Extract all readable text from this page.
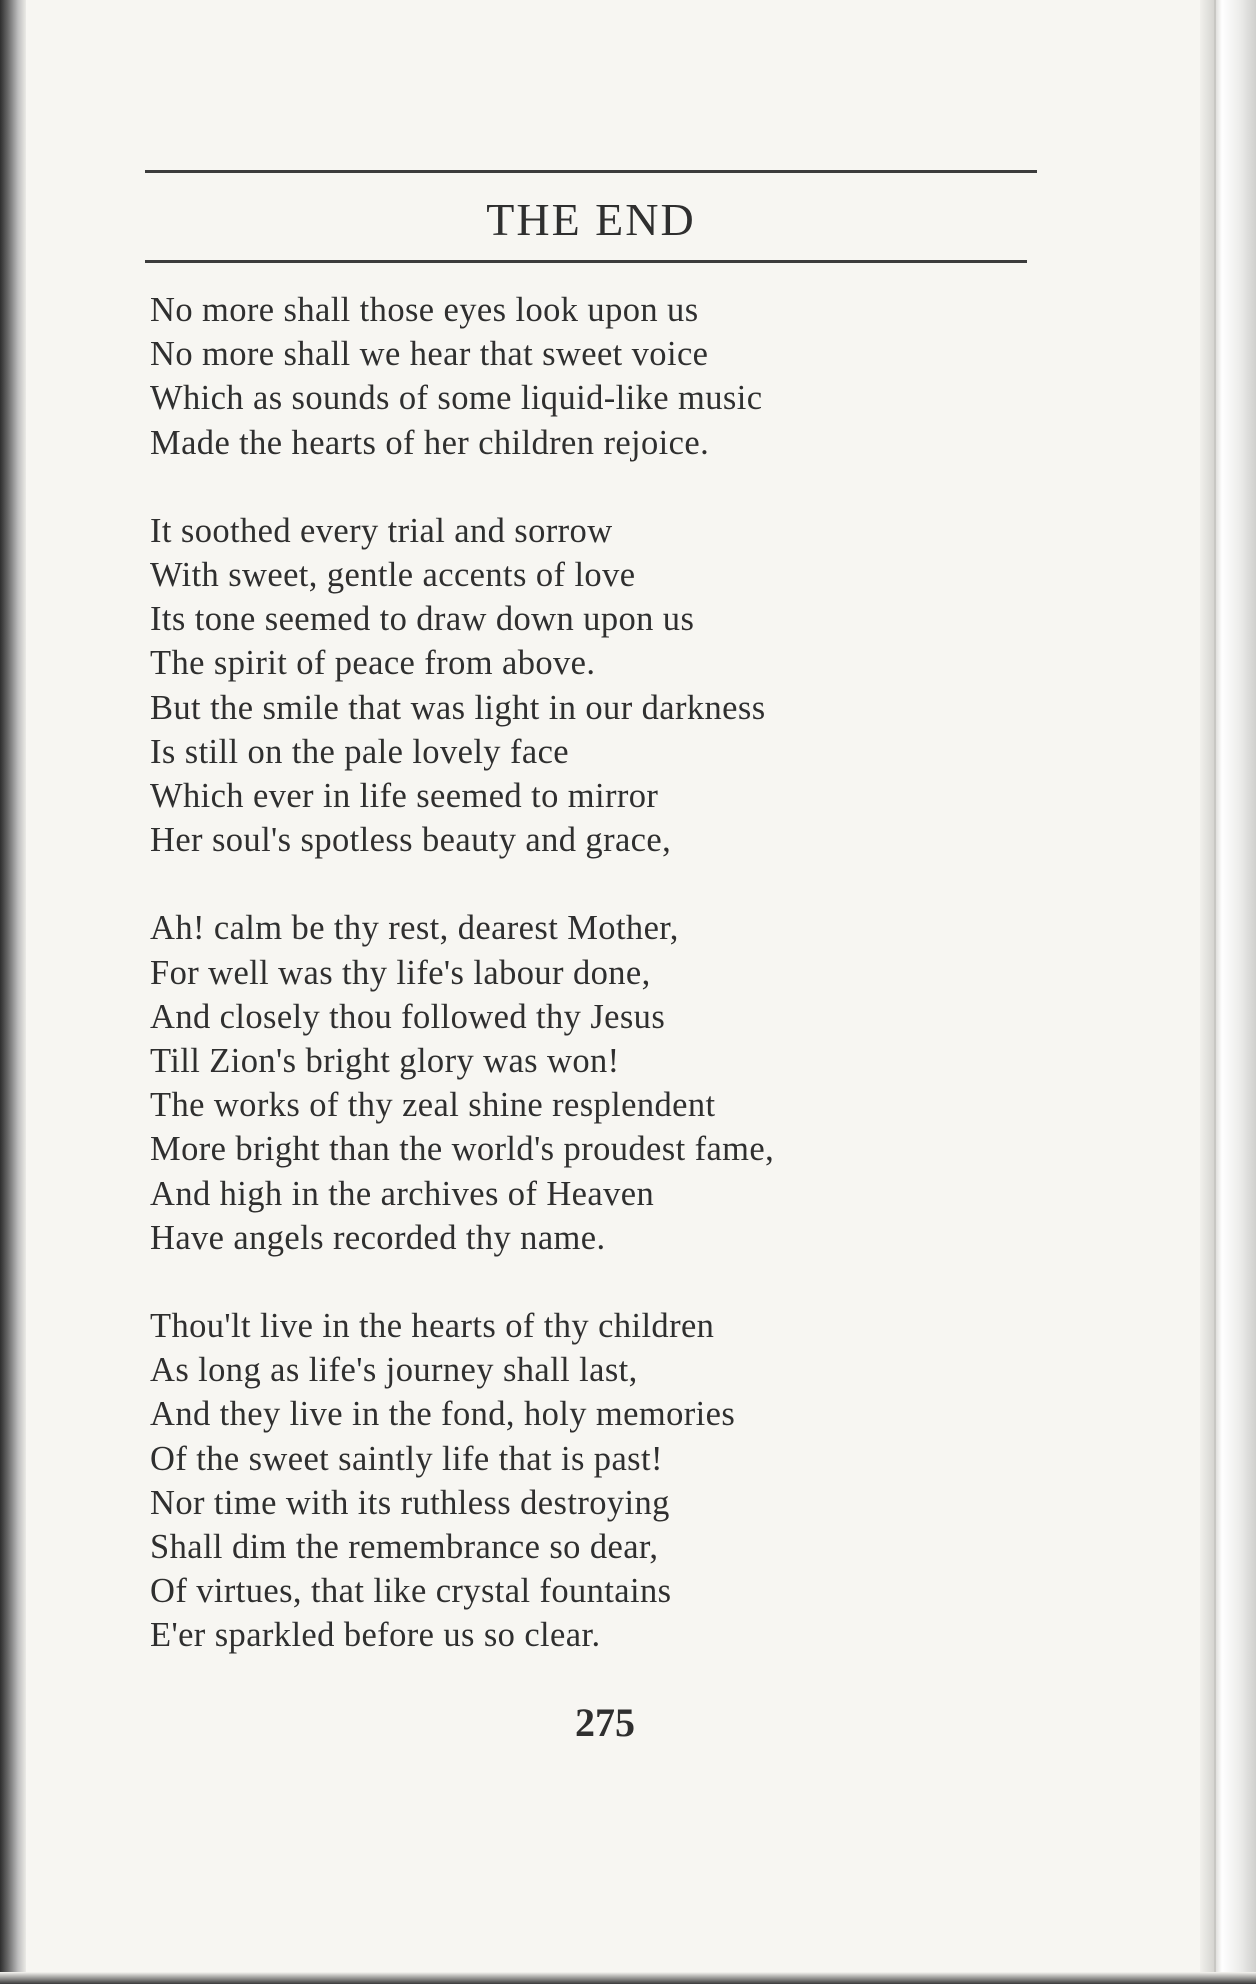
THE END
No more shall those eyes look upon us
No more shall we hear that sweet voice
Which as sounds of some liquid-like music
Made the hearts of her children rejoice.
It soothed every trial and sorrow
With sweet, gentle accents of love
Its tone seemed to draw down upon us
The spirit of peace from above.
But the smile that was light in our darkness
Is still on the pale lovely face
Which ever in life seemed to mirror
Her soul's spotless beauty and grace,
Ah! calm be thy rest, dearest Mother,
For well was thy life's labour done,
And closely thou followed thy Jesus
Till Zion's bright glory was won!
The works of thy zeal shine resplendent
More bright than the world's proudest fame,
And high in the archives of Heaven
Have angels recorded thy name.
Thou'lt live in the hearts of thy children
As long as life's journey shall last,
And they live in the fond, holy memories
Of the sweet saintly life that is past!
Nor time with its ruthless destroying
Shall dim the remembrance so dear,
Of virtues, that like crystal fountains
E'er sparkled before us so clear.
275
